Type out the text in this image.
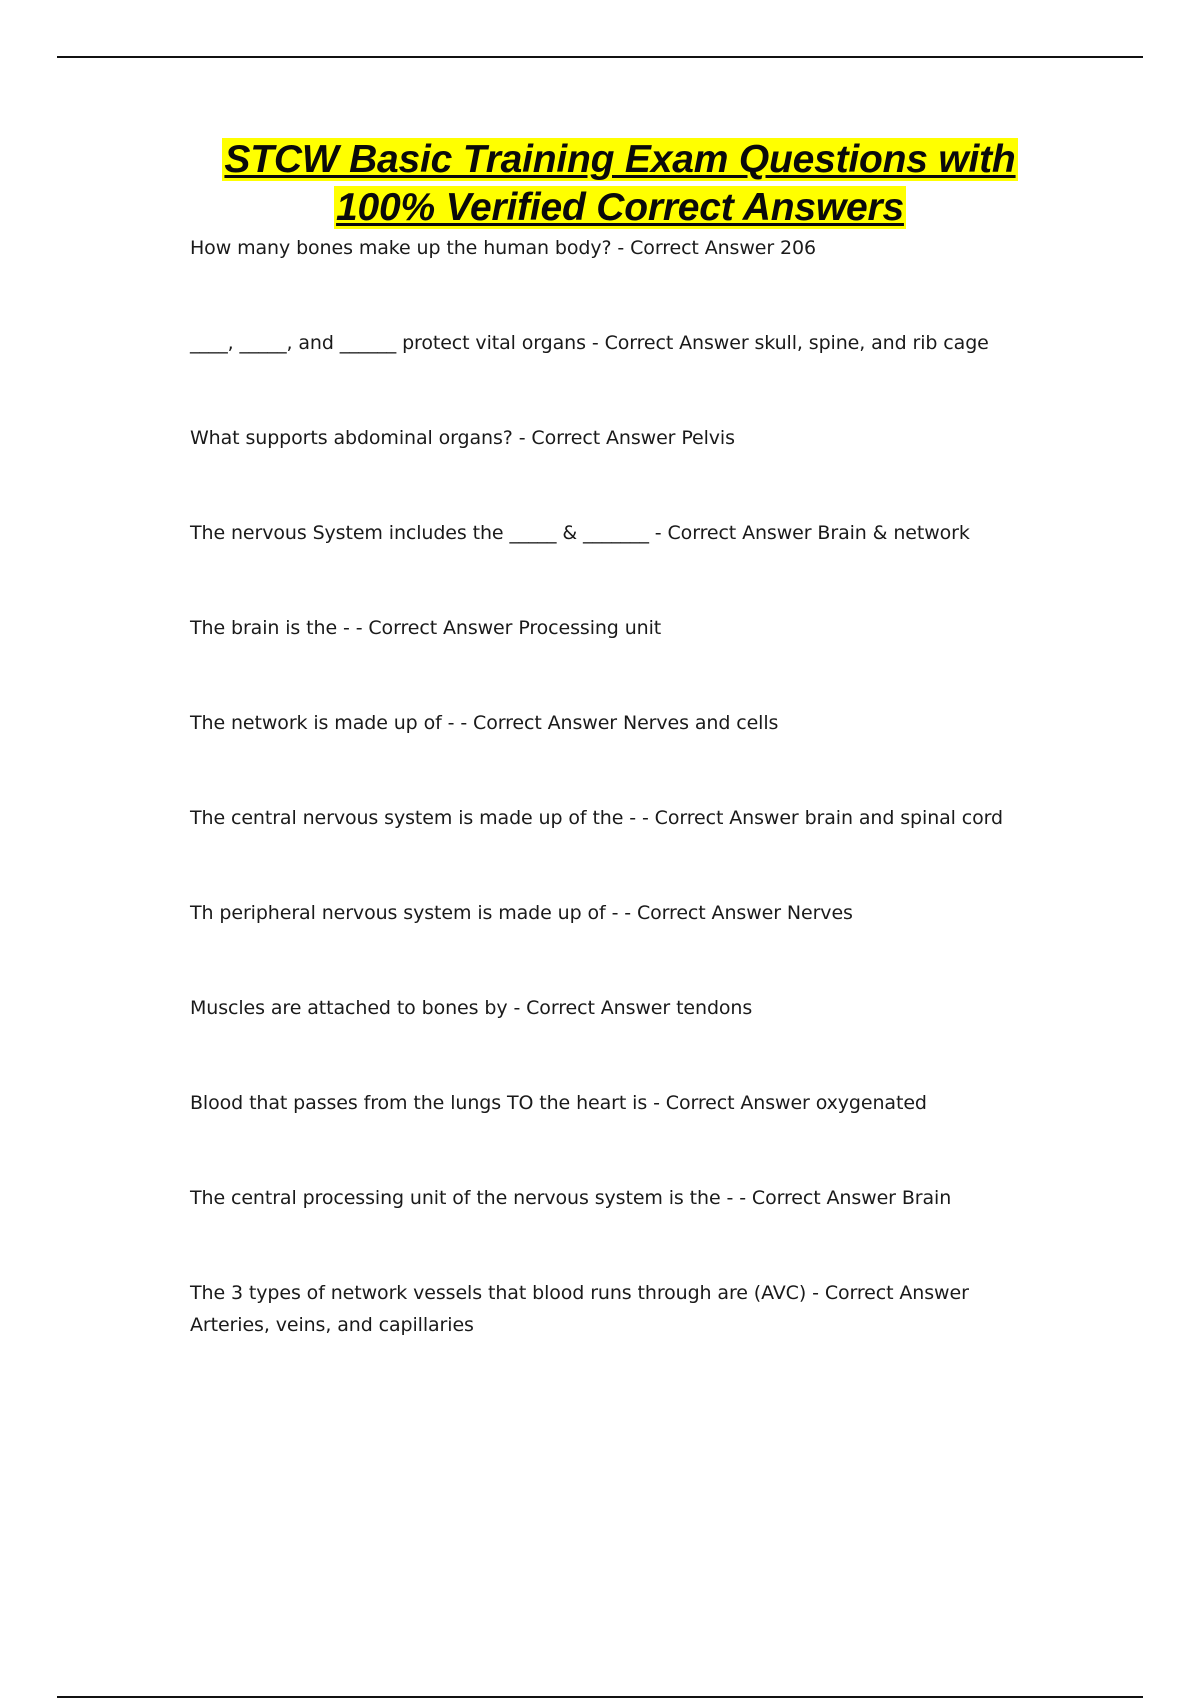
STCW Basic Training Exam Questions with
100% Verified Correct Answers
How many bones make up the human body? - Correct Answer 206
____, _____, and ______ protect vital organs - Correct Answer skull, spine, and rib cage
What supports abdominal organs? - Correct Answer Pelvis
The nervous System includes the _____ & _______ - Correct Answer Brain & network
The brain is the - - Correct Answer Processing unit
The network is made up of - - Correct Answer Nerves and cells
The central nervous system is made up of the - - Correct Answer brain and spinal cord
Th peripheral nervous system is made up of - - Correct Answer Nerves
Muscles are attached to bones by - Correct Answer tendons
Blood that passes from the lungs TO the heart is - Correct Answer oxygenated
The central processing unit of the nervous system is the - - Correct Answer Brain
The 3 types of network vessels that blood runs through are (AVC) - Correct Answer Arteries, veins, and capillaries
